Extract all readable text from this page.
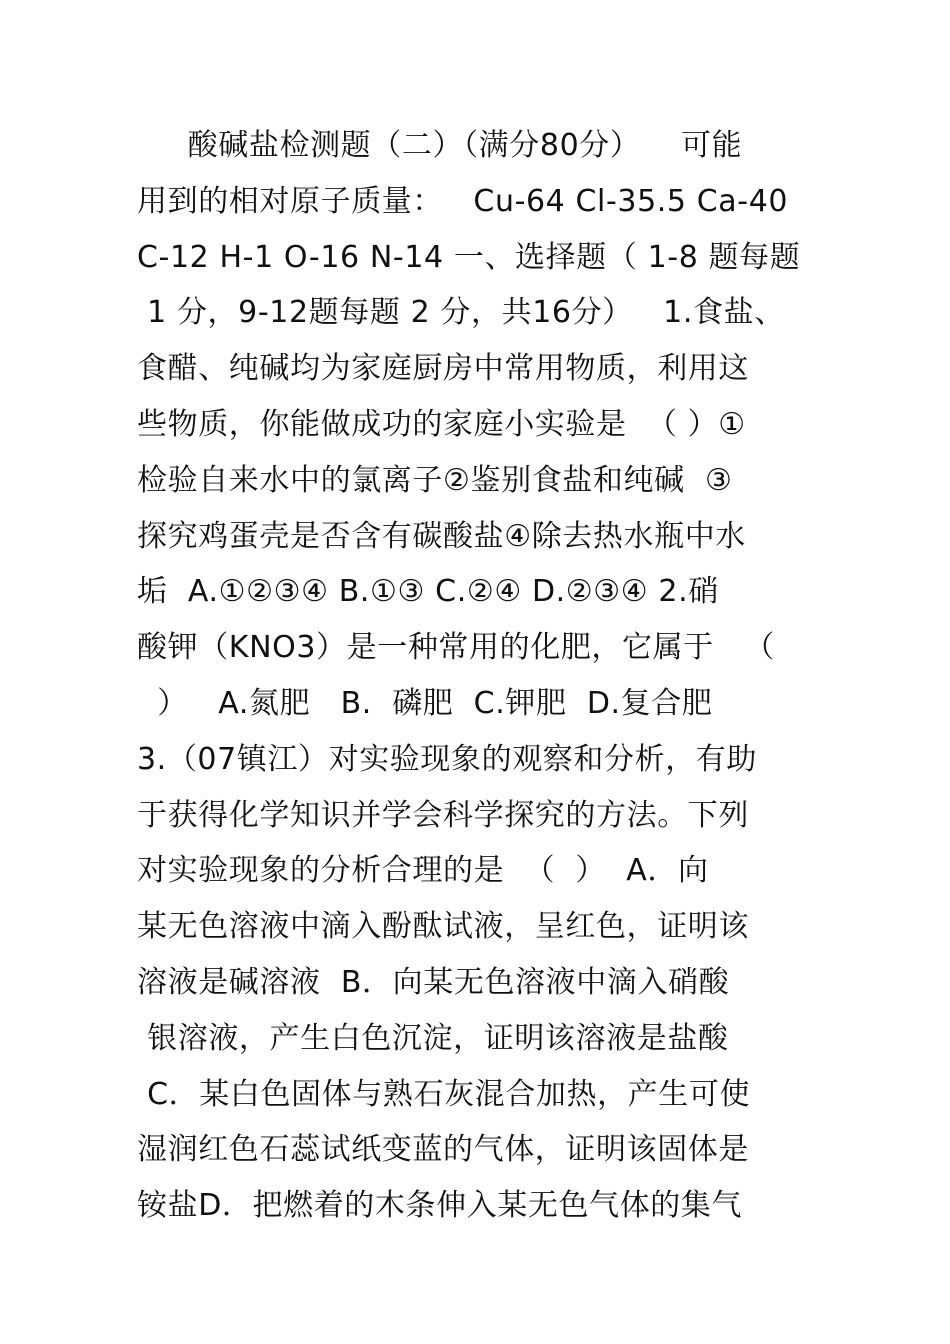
酸碱盐检测题（二）（满分80分）    可能
用到的相对原子质量：   Cu-64 Cl-35.5 Ca-40
C-12 H-1 O-16 N-14 一、选择题（ 1-8 题每题
1 分，9-12题每题 2 分，共16分）   1.食盐、
食醋、纯碱均为家庭厨房中常用物质，利用这
些物质，你能做成功的家庭小实验是  （ ）①
检验自来水中的氯离子②鉴别食盐和纯碱  ③
探究鸡蛋壳是否含有碳酸盐④除去热水瓶中水
垢  A.①②③④ B.①③ C.②④ D.②③④ 2.硝
酸钾（KNO3）是一种常用的化肥，它属于   （
）   A.氮肥   B.  磷肥  C.钾肥  D.复合肥
3.（07镇江）对实验现象的观察和分析，有助
于获得化学知识并学会科学探究的方法。下列
对实验现象的分析合理的是  （  ）  A．向
某无色溶液中滴入酚酞试液，呈红色，证明该
溶液是碱溶液  B．向某无色溶液中滴入硝酸
银溶液，产生白色沉淀，证明该溶液是盐酸
C．某白色固体与熟石灰混合加热，产生可使
湿润红色石蕊试纸变蓝的气体，证明该固体是
铵盐D．把燃着的木条伸入某无色气体的集气
